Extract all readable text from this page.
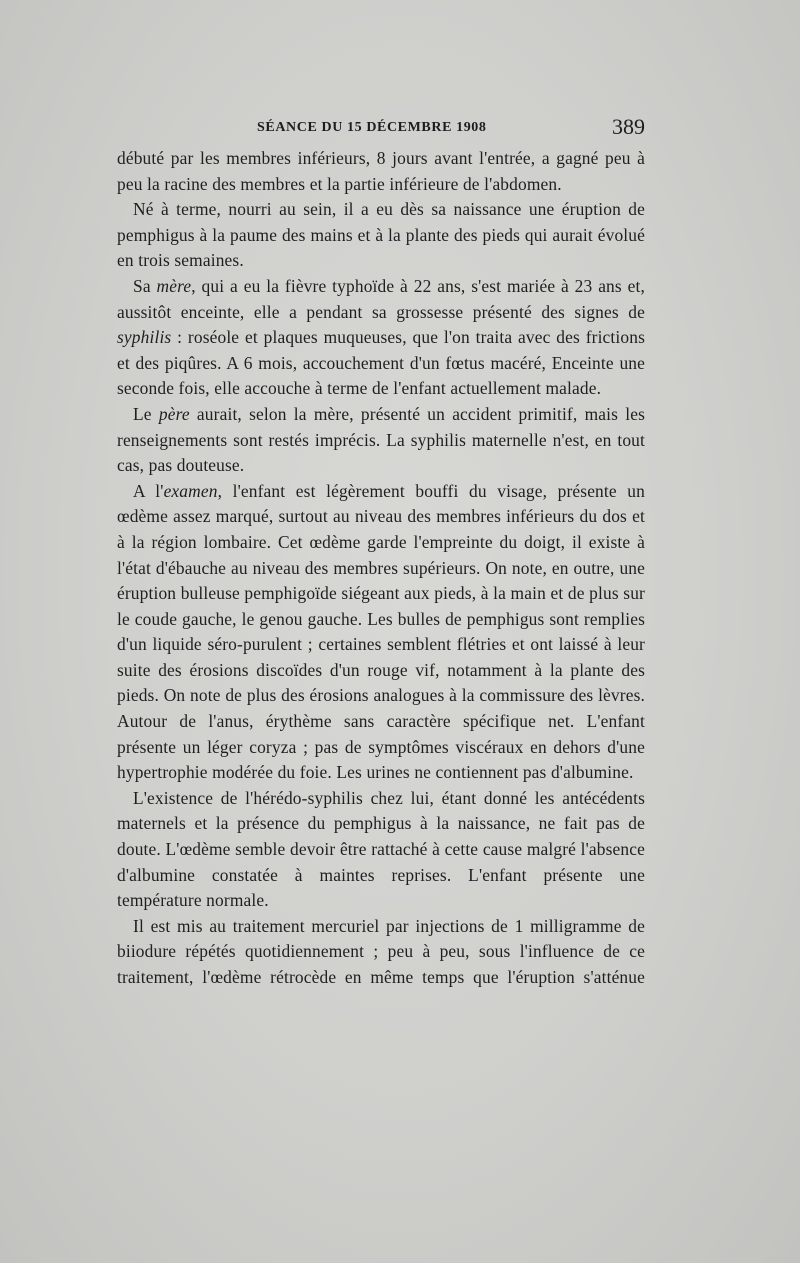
SÉANCE DU 15 DÉCEMBRE 1908	389

débuté par les membres inférieurs, 8 jours avant l'entrée, a gagné peu à peu la racine des membres et la partie inférieure de l'abdomen.

Né à terme, nourri au sein, il a eu dès sa naissance une éruption de pemphigus à la paume des mains et à la plante des pieds qui aurait évolué en trois semaines.

Sa mère, qui a eu la fièvre typhoïde à 22 ans, s'est mariée à 23 ans et, aussitôt enceinte, elle a pendant sa grossesse présenté des signes de syphilis : roséole et plaques muqueuses, que l'on traita avec des frictions et des piqûres. A 6 mois, accouchement d'un fœtus macéré, Enceinte une seconde fois, elle accouche à terme de l'enfant actuellement malade.

Le père aurait, selon la mère, présenté un accident primitif, mais les renseignements sont restés imprécis. La syphilis maternelle n'est, en tout cas, pas douteuse.

A l'examen, l'enfant est légèrement bouffi du visage, présente un œdème assez marqué, surtout au niveau des membres inférieurs du dos et à la région lombaire. Cet œdème garde l'empreinte du doigt, il existe à l'état d'ébauche au niveau des membres supérieurs. On note, en outre, une éruption bulleuse pemphigoïde siégeant aux pieds, à la main et de plus sur le coude gauche, le genou gauche. Les bulles de pemphigus sont remplies d'un liquide séro-purulent ; certaines semblent flétries et ont laissé à leur suite des érosions discoïdes d'un rouge vif, notamment à la plante des pieds. On note de plus des érosions analogues à la commissure des lèvres. Autour de l'anus, érythème sans caractère spécifique net. L'enfant présente un léger coryza ; pas de symptômes viscéraux en dehors d'une hypertrophie modérée du foie. Les urines ne contiennent pas d'albumine.

L'existence de l'hérédo-syphilis chez lui, étant donné les antécédents maternels et la présence du pemphigus à la naissance, ne fait pas de doute. L'œdème semble devoir être rattaché à cette cause malgré l'absence d'albumine constatée à maintes reprises. L'enfant présente une température normale.

Il est mis au traitement mercuriel par injections de 1 milligramme de biiodure répétés quotidiennement ; peu à peu, sous l'influence de ce traitement, l'œdème rétrocède en même temps que l'éruption s'atténue
